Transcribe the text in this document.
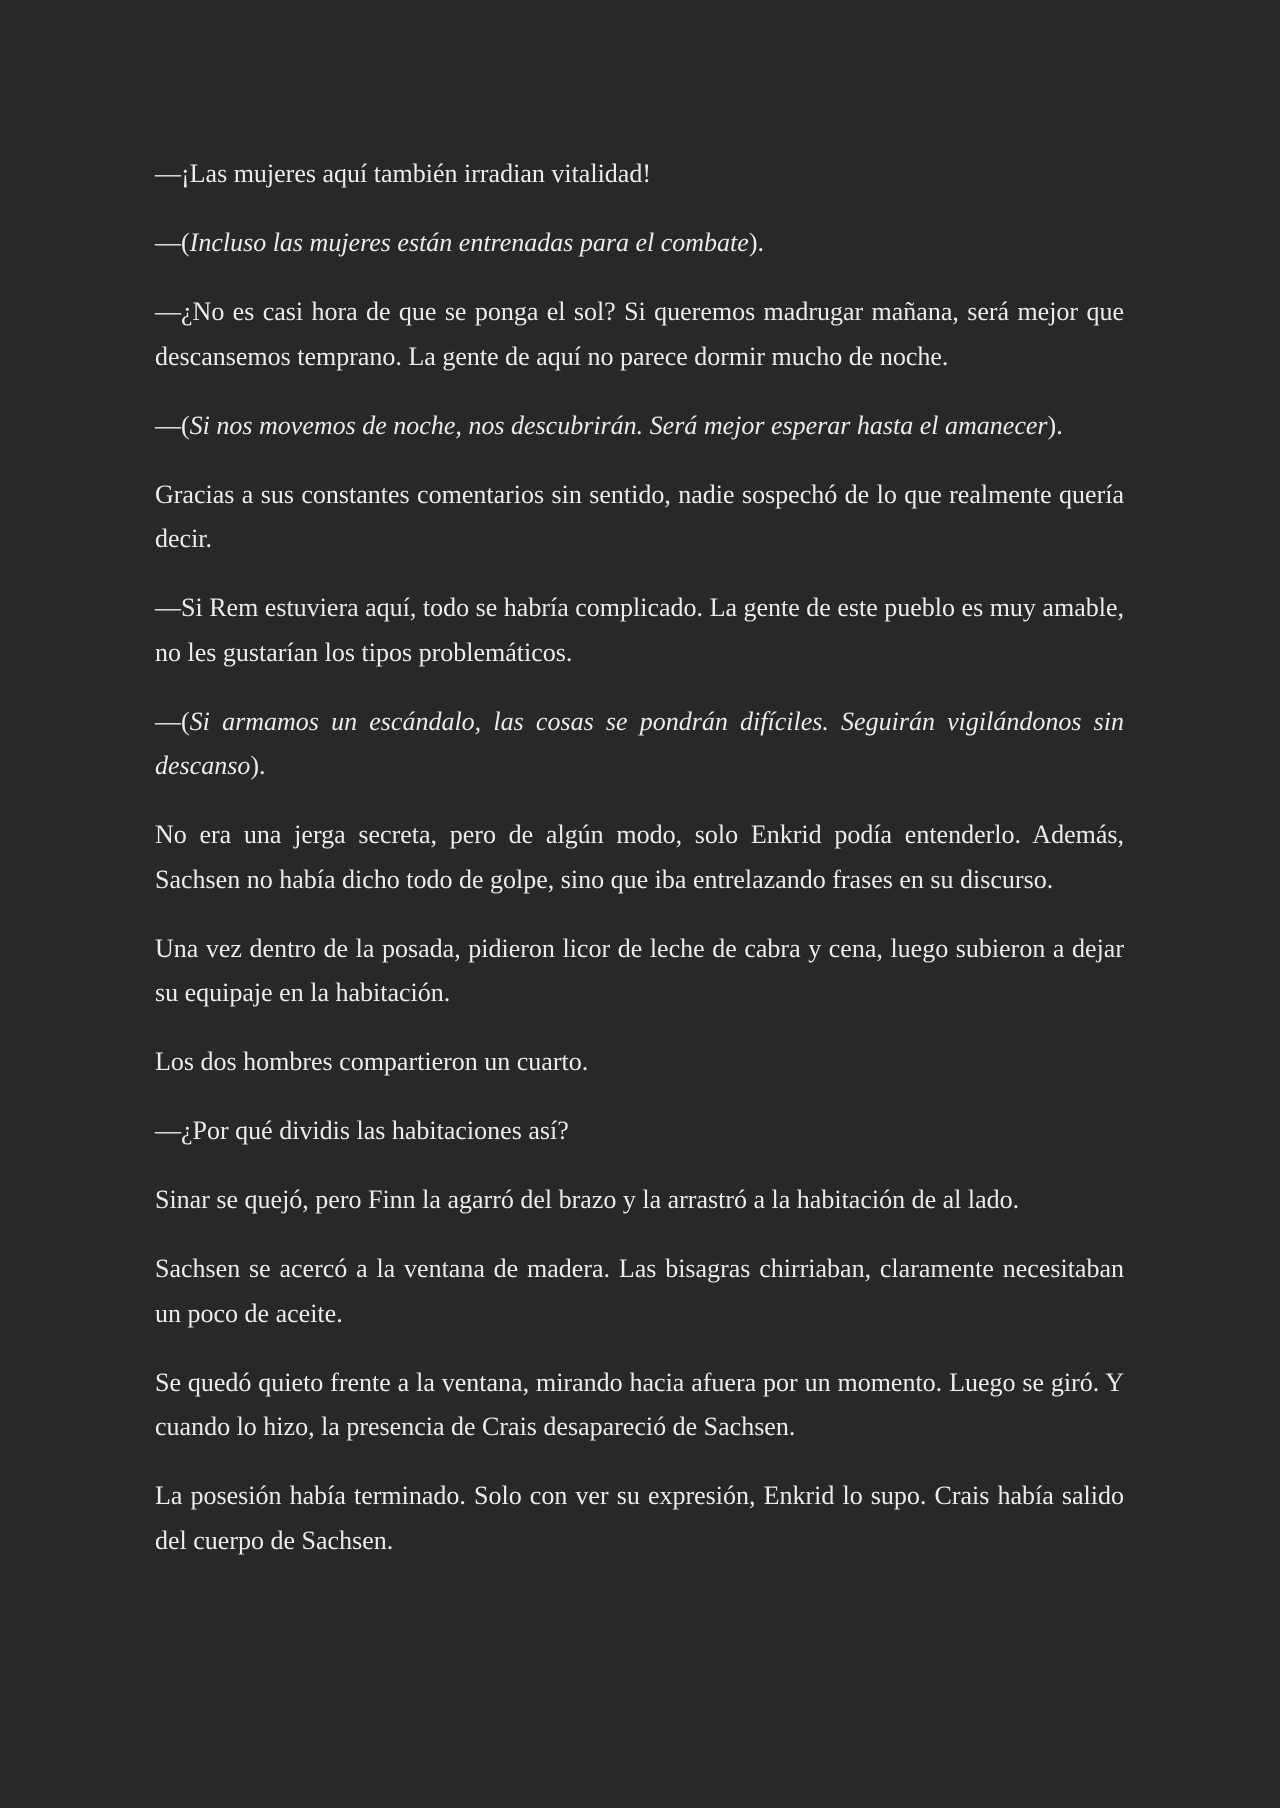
—¡Las mujeres aquí también irradian vitalidad!

—(Incluso las mujeres están entrenadas para el combate).

—¿No es casi hora de que se ponga el sol? Si queremos madrugar mañana, será mejor que descansemos temprano. La gente de aquí no parece dormir mucho de noche.

—(Si nos movemos de noche, nos descubrirán. Será mejor esperar hasta el amanecer).

Gracias a sus constantes comentarios sin sentido, nadie sospechó de lo que realmente quería decir.

—Si Rem estuviera aquí, todo se habría complicado. La gente de este pueblo es muy amable, no les gustarían los tipos problemáticos.

—(Si armamos un escándalo, las cosas se pondrán difíciles. Seguirán vigilándonos sin descanso).

No era una jerga secreta, pero de algún modo, solo Enkrid podía entenderlo. Además, Sachsen no había dicho todo de golpe, sino que iba entrelazando frases en su discurso.

Una vez dentro de la posada, pidieron licor de leche de cabra y cena, luego subieron a dejar su equipaje en la habitación.

Los dos hombres compartieron un cuarto.

—¿Por qué dividis las habitaciones así?

Sinar se quejó, pero Finn la agarró del brazo y la arrastró a la habitación de al lado.

Sachsen se acercó a la ventana de madera. Las bisagras chirriaban, claramente necesitaban un poco de aceite.

Se quedó quieto frente a la ventana, mirando hacia afuera por un momento. Luego se giró. Y cuando lo hizo, la presencia de Crais desapareció de Sachsen.

La posesión había terminado. Solo con ver su expresión, Enkrid lo supo. Crais había salido del cuerpo de Sachsen.
